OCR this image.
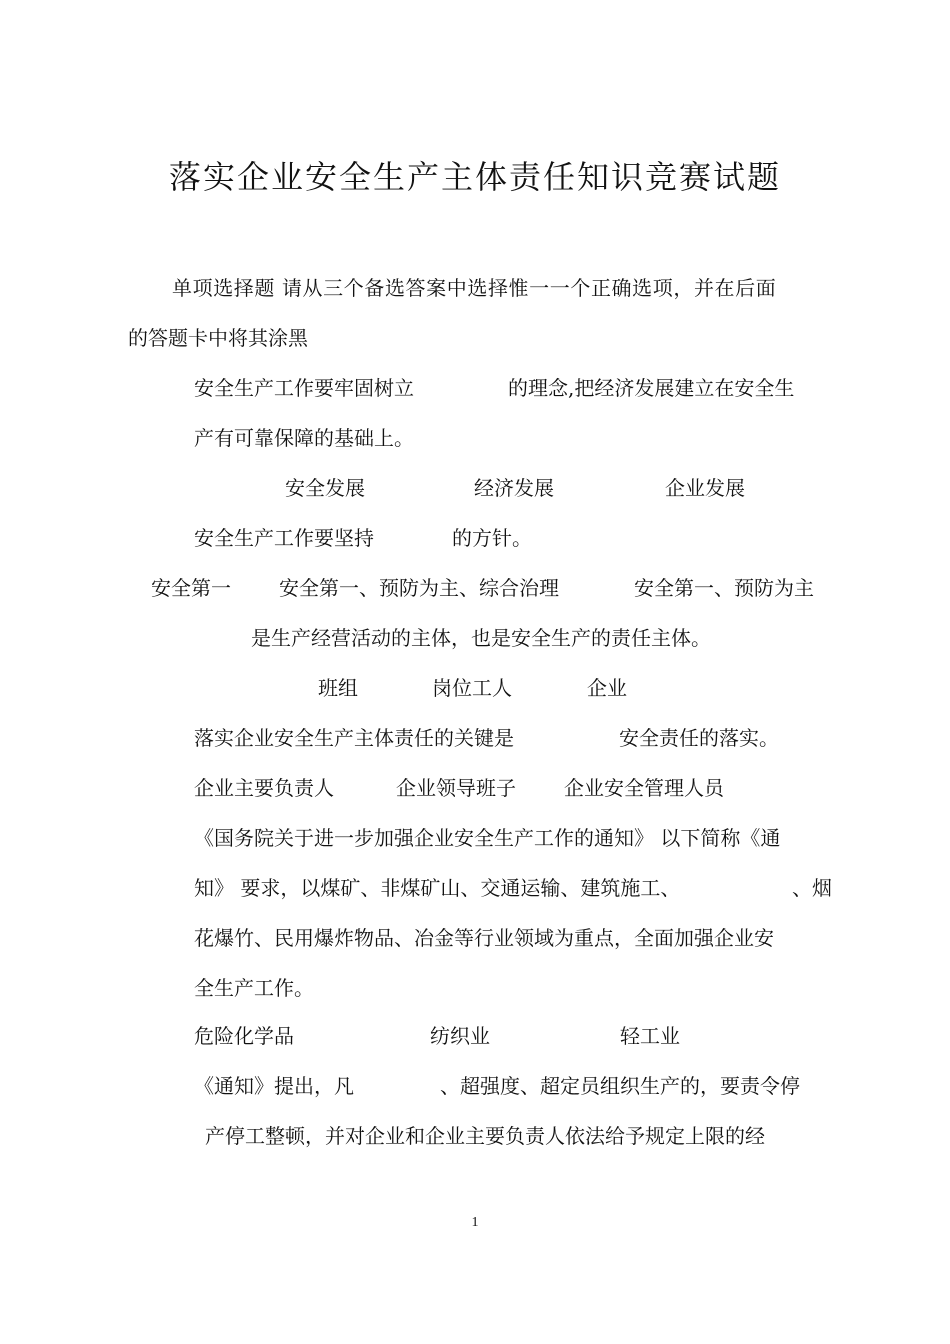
落实企业安全生产主体责任知识竞赛试题
单项选择题 请从三个备选答案中选择惟一一个正确选项，并在后面
的答题卡中将其涂黑
安全生产工作要牢固树立	的理念,把经济发展建立在安全生
产有可靠保障的基础上。
安全发展	经济发展	企业发展
安全生产工作要坚持	的方针。
安全第一 安全第一、预防为主、综合治理	安全第一、预防为主
是生产经营活动的主体，也是安全生产的责任主体。
班组	岗位工人	企业
落实企业安全生产主体责任的关键是	安全责任的落实。
企业主要负责人	企业领导班子 企业安全管理人员
《国务院关于进一步加强企业安全生产工作的通知》 以下简称《通
知》 要求，以煤矿、非煤矿山、交通运输、建筑施工、	、烟
花爆竹、民用爆炸物品、冶金等行业领域为重点，全面加强企业安
全生产工作。
危险化学品	纺织业	轻工业
《通知》提出，凡	、超强度、超定员组织生产的，要责令停
产停工整顿，并对企业和企业主要负责人依法给予规定上限的经
1
